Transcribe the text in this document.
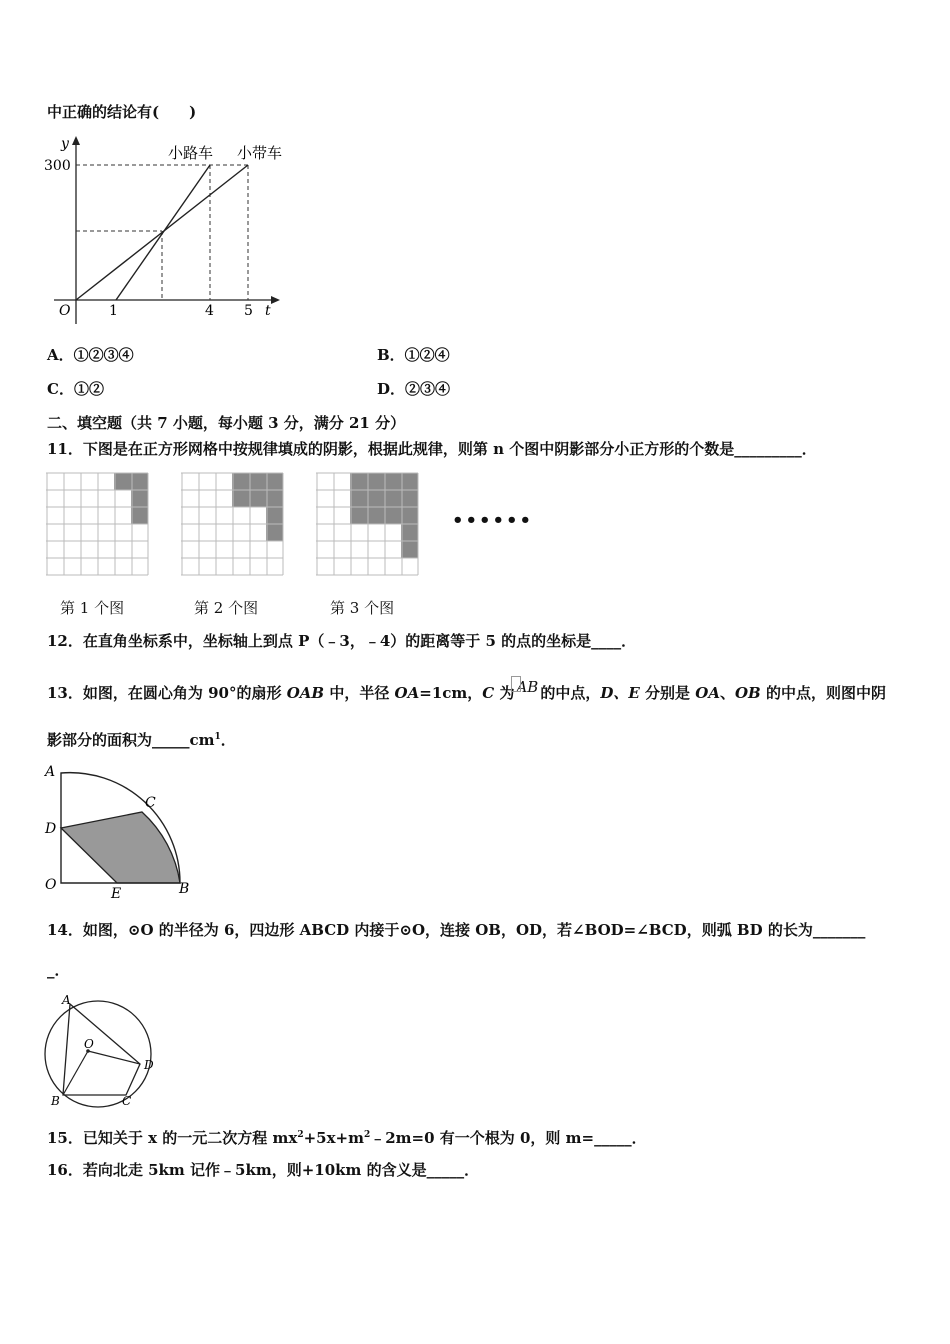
中正确的结论有(　　)
y
300
O	1	4 5 t
小路车 小带车
A．①②③④	B．①②④
C．①②	D．②③④
二、填空题（共 7 小题，每小题 3 分，满分 21 分）
11．下图是在正方形网格中按规律填成的阴影，根据此规律，则第 n 个图中阴影部分小正方形的个数是_________．
••••••
第 1 个图	第 2 个图	第 3 个图
12．在直角坐标系中，坐标轴上到点 P（﹣3，﹣4）的距离等于 5 的点的坐标是____．
13．如图，在圆心角为 90°的扇形 OAB 中，半径 OA=1cm，C 为 AB 的中点，D、E 分别是 OA、OB 的中点，则图中阴
影部分的面积为$\_\_\_\_\_cm^1$．
A
C
D
O
E	B
14．如图，⊙O 的半径为 6，四边形 ABCD 内接于⊙O，连接 OB，OD，若∠BOD=∠BCD，则弧 BD 的长为_______
_．
A
O
D
B	C
15．已知关于 x 的一元二次方程 $mx^2+5x+m^2﹣2m=0$ 有一个根为 0，则 m=_____．
16．若向北走 5km 记作﹣5km，则+10km 的含义是_____．
